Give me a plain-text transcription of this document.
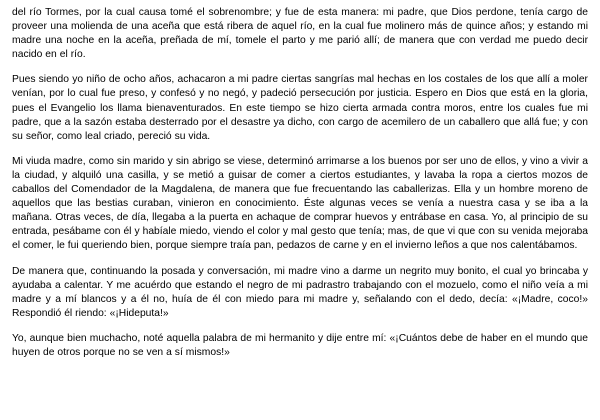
del río Tormes, por la cual causa tomé el sobrenombre; y fue de esta manera: mi padre, que Dios perdone, tenía cargo de proveer una molienda de una aceña que está ribera de aquel río, en la cual fue molinero más de quince años; y estando mi madre una noche en la aceña, preñada de mí, tomele el parto y me parió allí; de manera que con verdad me puedo decir nacido en el río.

Pues siendo yo niño de ocho años, achacaron a mi padre ciertas sangrías mal hechas en los costales de los que allí a moler venían, por lo cual fue preso, y confesó y no negó, y padeció persecución por justicia. Espero en Dios que está en la gloria, pues el Evangelio los llama bienaventurados. En este tiempo se hizo cierta armada contra moros, entre los cuales fue mi padre, que a la sazón estaba desterrado por el desastre ya dicho, con cargo de acemilero de un caballero que allá fue; y con su señor, como leal criado, pereció su vida.

Mi viuda madre, como sin marido y sin abrigo se viese, determinó arrimarse a los buenos por ser uno de ellos, y vino a vivir a la ciudad, y alquiló una casilla, y se metió a guisar de comer a ciertos estudiantes, y lavaba la ropa a ciertos mozos de caballos del Comendador de la Magdalena, de manera que fue frecuentando las caballerizas. Ella y un hombre moreno de aquellos que las bestias curaban, vinieron en conocimiento. Éste algunas veces se venía a nuestra casa y se iba a la mañana. Otras veces, de día, llegaba a la puerta en achaque de comprar huevos y entrábase en casa. Yo, al principio de su entrada, pesábame con él y habíale miedo, viendo el color y mal gesto que tenía; mas, de que vi que con su venida mejoraba el comer, le fui queriendo bien, porque siempre traía pan, pedazos de carne y en el invierno leños a que nos calentábamos.

De manera que, continuando la posada y conversación, mi madre vino a darme un negrito muy bonito, el cual yo brincaba y ayudaba a calentar. Y me acuérdo que estando el negro de mi padrastro trabajando con el mozuelo, como el niño veía a mi madre y a mí blancos y a él no, huía de él con miedo para mi madre y, señalando con el dedo, decía: «¡Madre, coco!» Respondió él riendo: «¡Hideputa!»

Yo, aunque bien muchacho, noté aquella palabra de mi hermanito y dije entre mí: «¡Cuántos debe de haber en el mundo que huyen de otros porque no se ven a sí mismos!»
